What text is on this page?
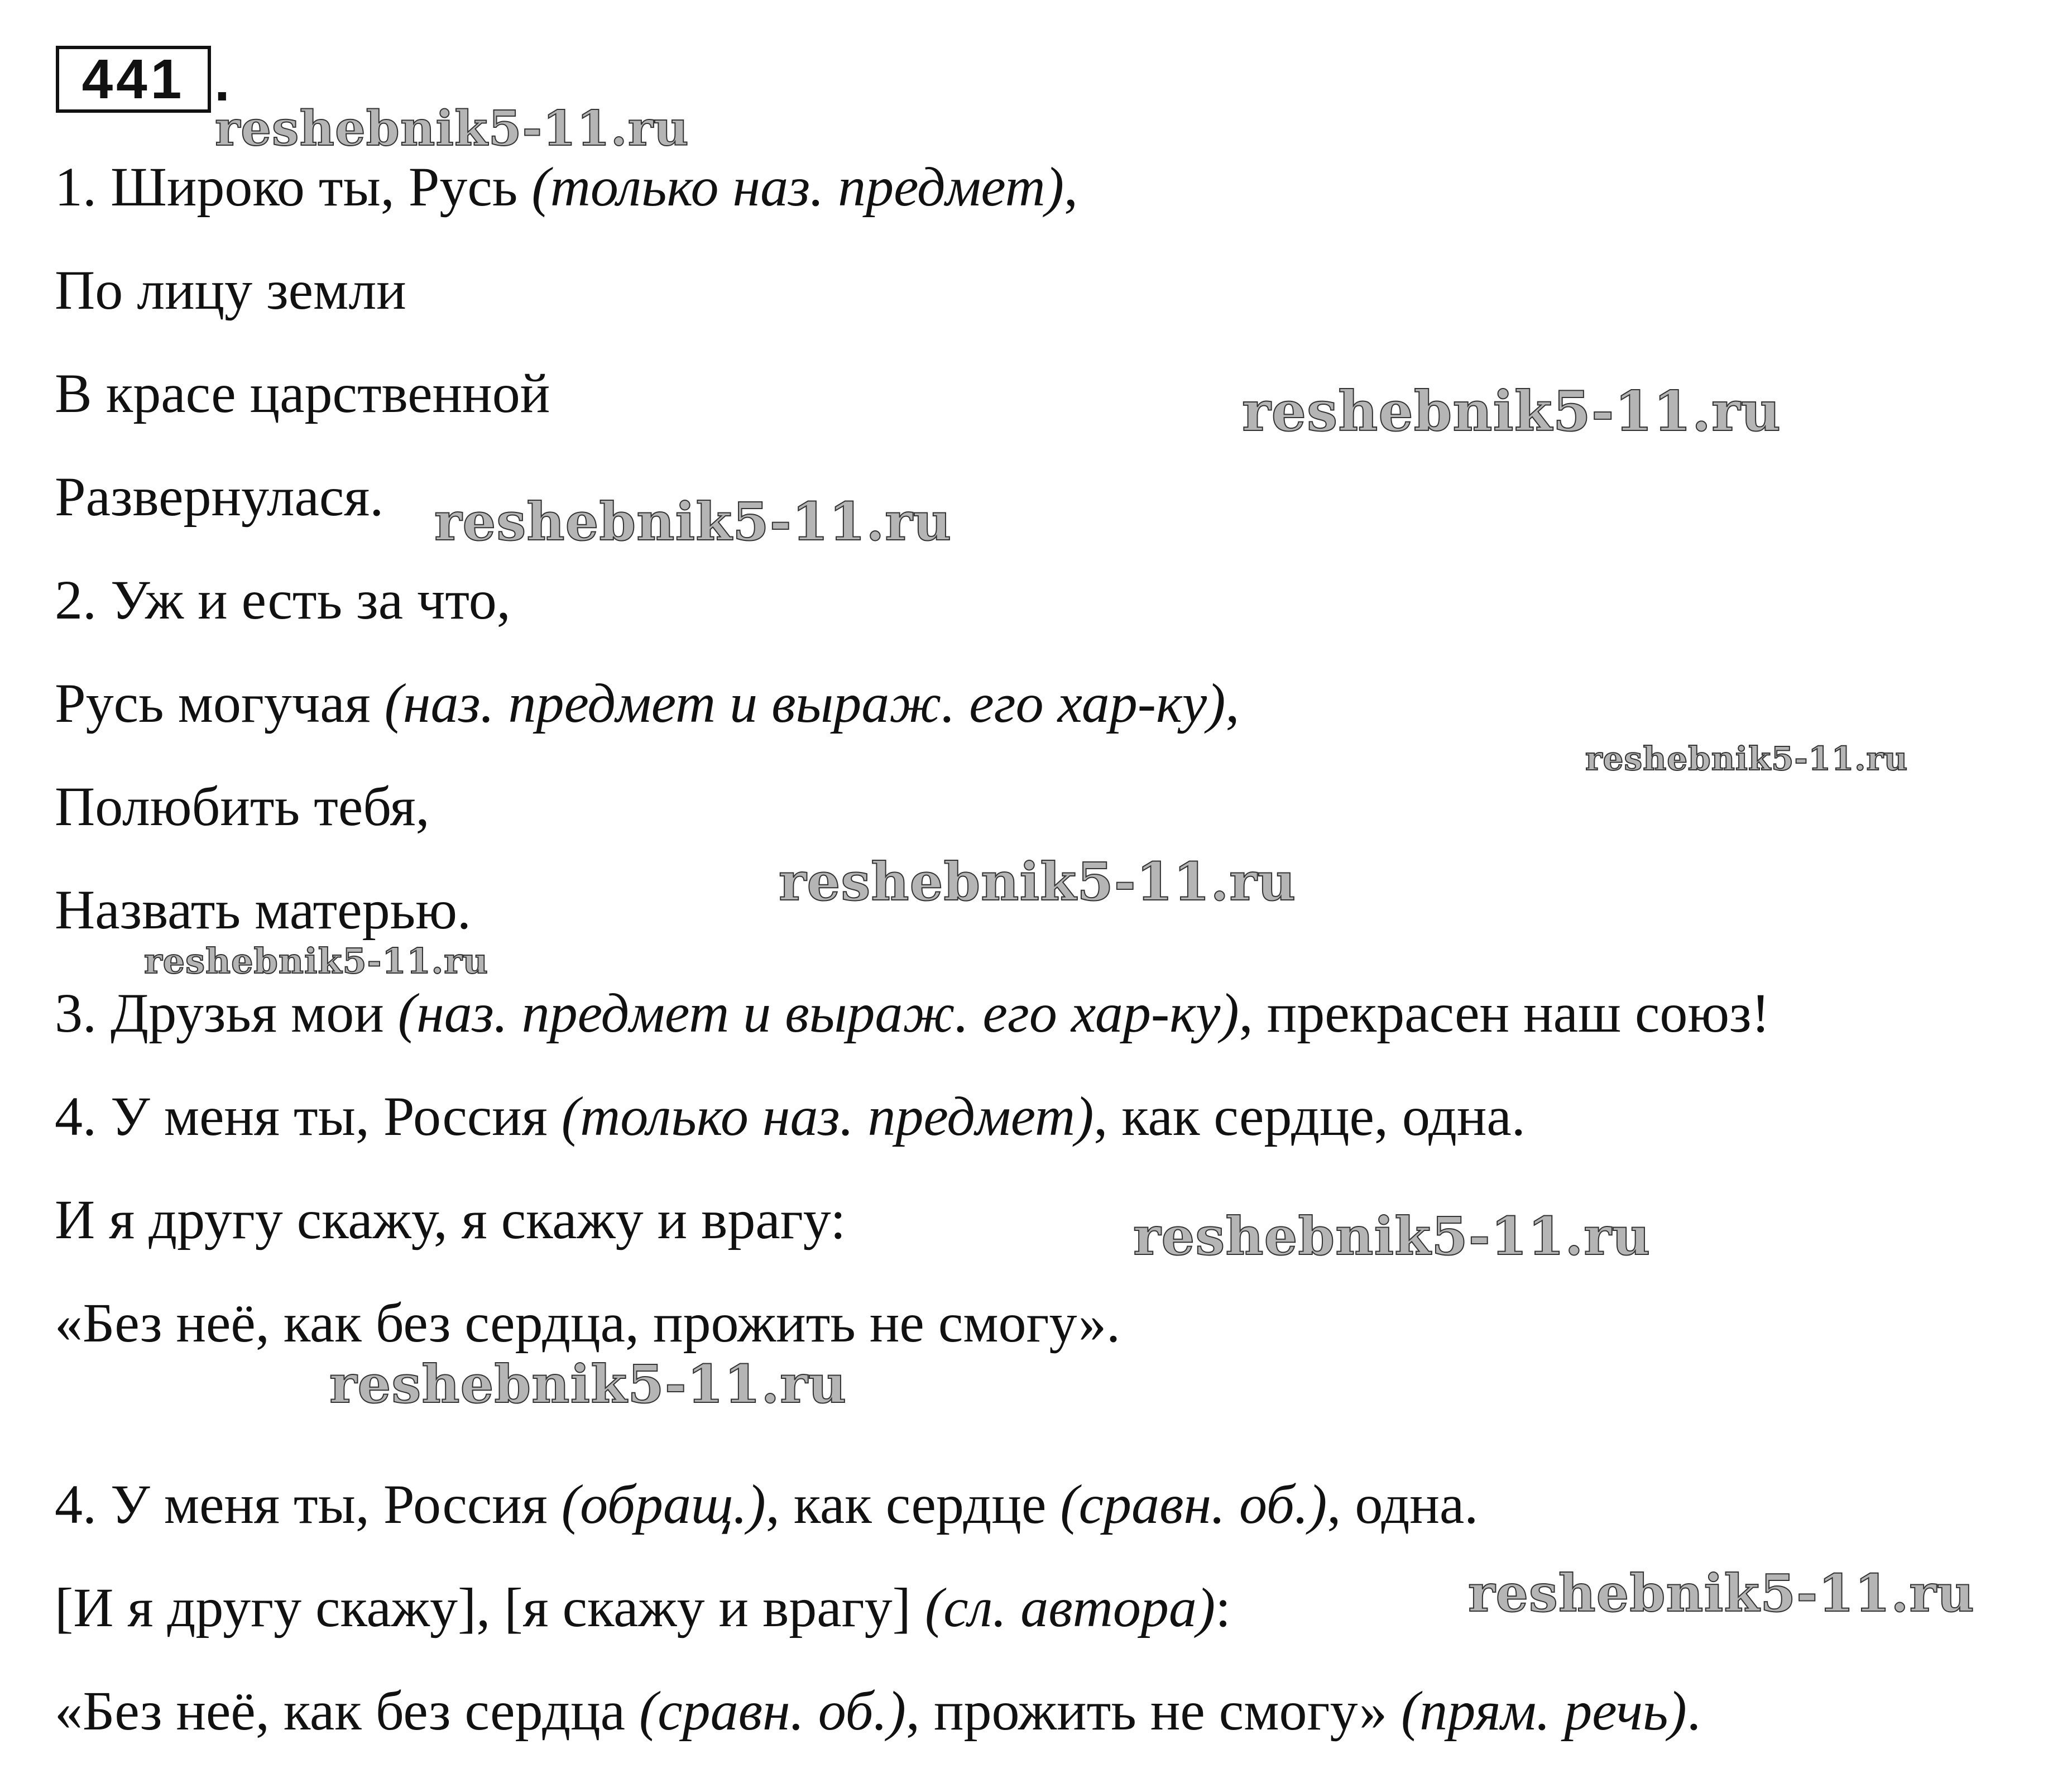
441 .
1. Широко ты, Русь (только наз. предмет),
По лицу земли
В красе царственной
Развернулася.
2. Уж и есть за что,
Русь могучая (наз. предмет и выраж. его хар-ку),
Полюбить тебя,
Назвать матерью.
3. Друзья мои (наз. предмет и выраж. его хар-ку), прекрасен наш союз!
4. У меня ты, Россия (только наз. предмет), как сердце, одна.
И я другу скажу, я скажу и врагу:
«Без неё, как без сердца, прожить не смогу».
4. У меня ты, Россия (обращ.), как сердце (сравн. об.), одна.
[И я другу скажу], [я скажу и врагу] (сл. автора):
«Без неё, как без сердца (сравн. об.), прожить не смогу» (прям. речь).
reshebnik5-11.ru
reshebnik5-11.ru
reshebnik5-11.ru
reshebnik5-11.ru
reshebnik5-11.ru
reshebnik5-11.ru
reshebnik5-11.ru
reshebnik5-11.ru
reshebnik5-11.ru
